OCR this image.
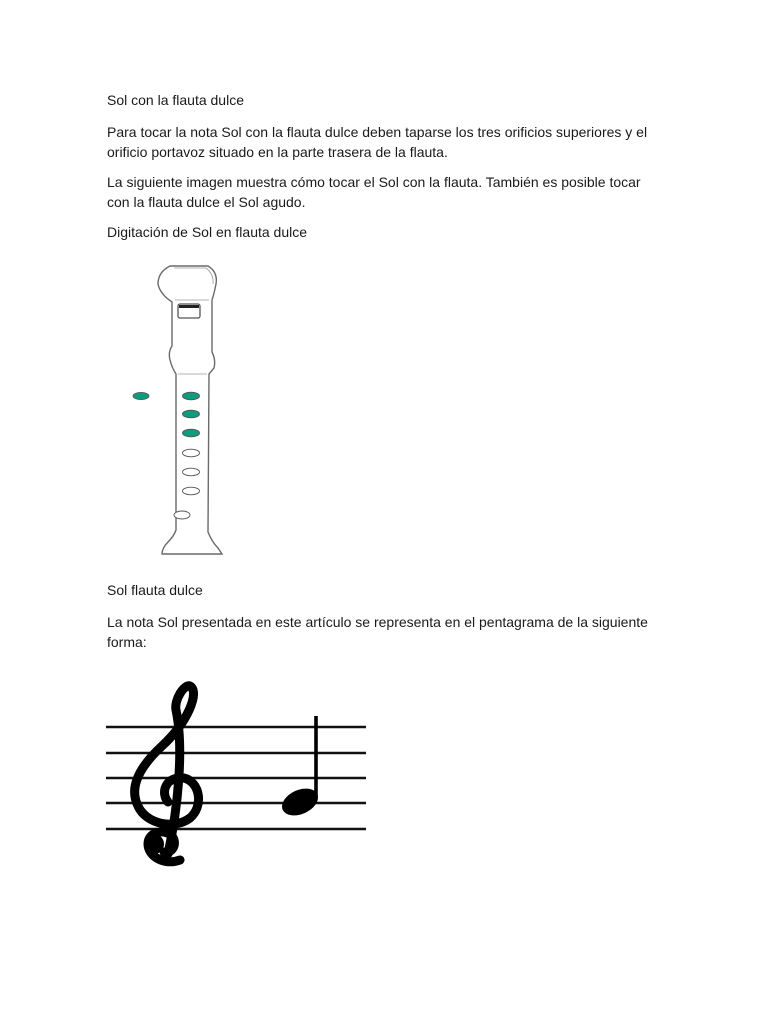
Sol con la flauta dulce

Para tocar la nota Sol con la flauta dulce deben taparse los tres orificios superiores y el orificio portavoz situado en la parte trasera de la flauta.

La siguiente imagen muestra cómo tocar el Sol con la flauta. También es posible tocar con la flauta dulce el Sol agudo.

Digitación de Sol en flauta dulce

Sol flauta dulce

La nota Sol presentada en este artículo se representa en el pentagrama de la siguiente forma:
